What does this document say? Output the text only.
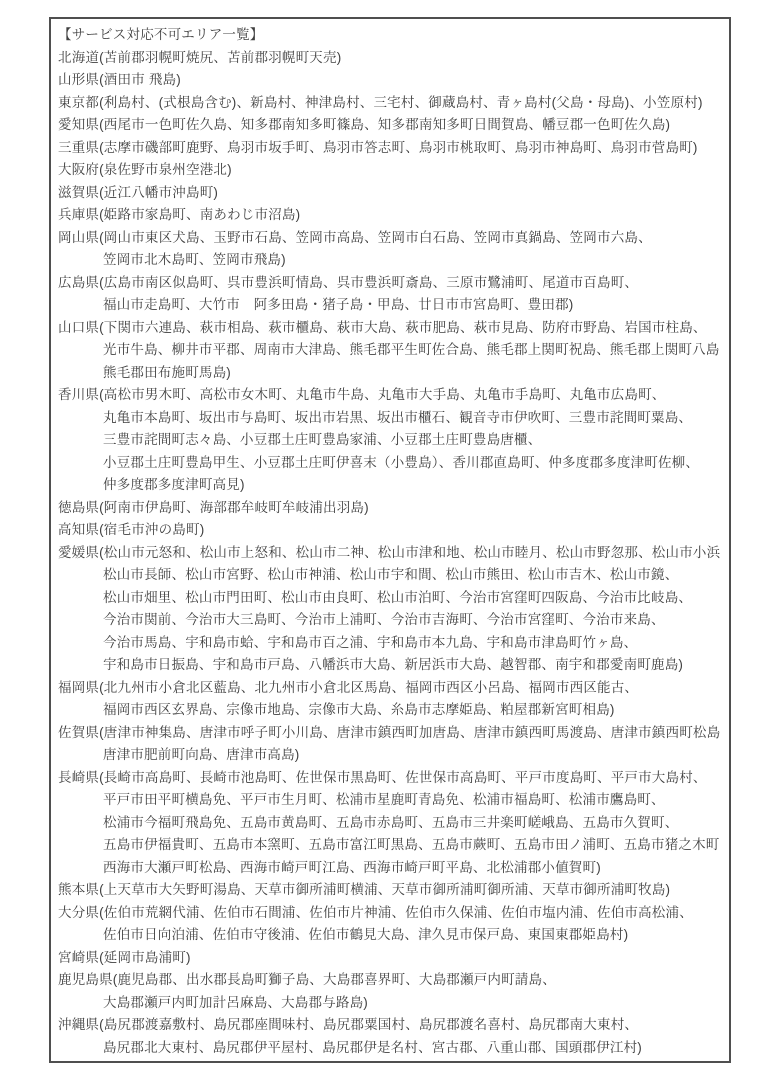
【サービス対応不可エリア一覧】
北海道(苫前郡羽幌町焼尻、苫前郡羽幌町天売)
山形県(酒田市 飛島)
東京都(利島村、(式根島含む)、新島村、神津島村、三宅村、御蔵島村、青ヶ島村(父島・母島)、小笠原村)
愛知県(西尾市一色町佐久島、知多郡南知多町篠島、知多郡南知多町日間賀島、幡豆郡一色町佐久島)
三重県(志摩市磯部町鹿野、鳥羽市坂手町、鳥羽市答志町、鳥羽市桃取町、鳥羽市神島町、鳥羽市菅島町)
大阪府(泉佐野市泉州空港北)
滋賀県(近江八幡市沖島町)
兵庫県(姫路市家島町、南あわじ市沼島)
岡山県(岡山市東区犬島、玉野市石島、笠岡市高島、笠岡市白石島、笠岡市真鍋島、笠岡市六島、
笠岡市北木島町、笠岡市飛島)
広島県(広島市南区似島町、呉市豊浜町情島、呉市豊浜町斎島、三原市鷺浦町、尾道市百島町、
福山市走島町、大竹市　阿多田島・猪子島・甲島、廿日市市宮島町、豊田郡)
山口県(下関市六連島、萩市相島、萩市櫃島、萩市大島、萩市肥島、萩市見島、防府市野島、岩国市柱島、
光市牛島、柳井市平郡、周南市大津島、熊毛郡平生町佐合島、熊毛郡上関町祝島、熊毛郡上関町八島
熊毛郡田布施町馬島)
香川県(高松市男木町、高松市女木町、丸亀市牛島、丸亀市大手島、丸亀市手島町、丸亀市広島町、
丸亀市本島町、坂出市与島町、坂出市岩黒、坂出市櫃石、観音寺市伊吹町、三豊市詫間町粟島、
三豊市詫間町志々島、小豆郡土庄町豊島家浦、小豆郡土庄町豊島唐櫃、
小豆郡土庄町豊島甲生、小豆郡土庄町伊喜末（小豊島）、香川郡直島町、仲多度郡多度津町佐柳、
仲多度郡多度津町高見)
徳島県(阿南市伊島町、海部郡牟岐町牟岐浦出羽島)
高知県(宿毛市沖の島町)
愛媛県(松山市元怒和、松山市上怒和、松山市二神、松山市津和地、松山市睦月、松山市野忽那、松山市小浜
松山市長師、松山市宮野、松山市神浦、松山市宇和間、松山市熊田、松山市吉木、松山市鏡、
松山市畑里、松山市門田町、松山市由良町、松山市泊町、今治市宮窪町四阪島、今治市比岐島、
今治市関前、今治市大三島町、今治市上浦町、今治市吉海町、今治市宮窪町、今治市来島、
今治市馬島、宇和島市蛤、宇和島市百之浦、宇和島市本九島、宇和島市津島町竹ヶ島、
宇和島市日振島、宇和島市戸島、八幡浜市大島、新居浜市大島、越智郡、南宇和郡愛南町鹿島)
福岡県(北九州市小倉北区藍島、北九州市小倉北区馬島、福岡市西区小呂島、福岡市西区能古、
福岡市西区玄界島、宗像市地島、宗像市大島、糸島市志摩姫島、粕屋郡新宮町相島)
佐賀県(唐津市神集島、唐津市呼子町小川島、唐津市鎮西町加唐島、唐津市鎮西町馬渡島、唐津市鎮西町松島
唐津市肥前町向島、唐津市高島)
長崎県(長崎市高島町、長崎市池島町、佐世保市黒島町、佐世保市高島町、平戸市度島町、平戸市大島村、
平戸市田平町横島免、平戸市生月町、松浦市星鹿町青島免、松浦市福島町、松浦市鷹島町、
松浦市今福町飛島免、五島市黄島町、五島市赤島町、五島市三井楽町嵯峨島、五島市久賀町、
五島市伊福貴町、五島市本窯町、五島市富江町黒島、五島市蕨町、五島市田ノ浦町、五島市猪之木町
西海市大瀬戸町松島、西海市崎戸町江島、西海市崎戸町平島、北松浦郡小値賀町)
熊本県(上天草市大矢野町湯島、天草市御所浦町横浦、天草市御所浦町御所浦、天草市御所浦町牧島)
大分県(佐伯市荒網代浦、佐伯市石間浦、佐伯市片神浦、佐伯市久保浦、佐伯市塩内浦、佐伯市高松浦、
佐伯市日向泊浦、佐伯市守後浦、佐伯市鶴見大島、津久見市保戸島、東国東郡姫島村)
宮崎県(延岡市島浦町)
鹿児島県(鹿児島郡、出水郡長島町獅子島、大島郡喜界町、大島郡瀬戸内町請島、
大島郡瀬戸内町加計呂麻島、大島郡与路島)
沖縄県(島尻郡渡嘉敷村、島尻郡座間味村、島尻郡粟国村、島尻郡渡名喜村、島尻郡南大東村、
島尻郡北大東村、島尻郡伊平屋村、島尻郡伊是名村、宮古郡、八重山郡、国頭郡伊江村)
